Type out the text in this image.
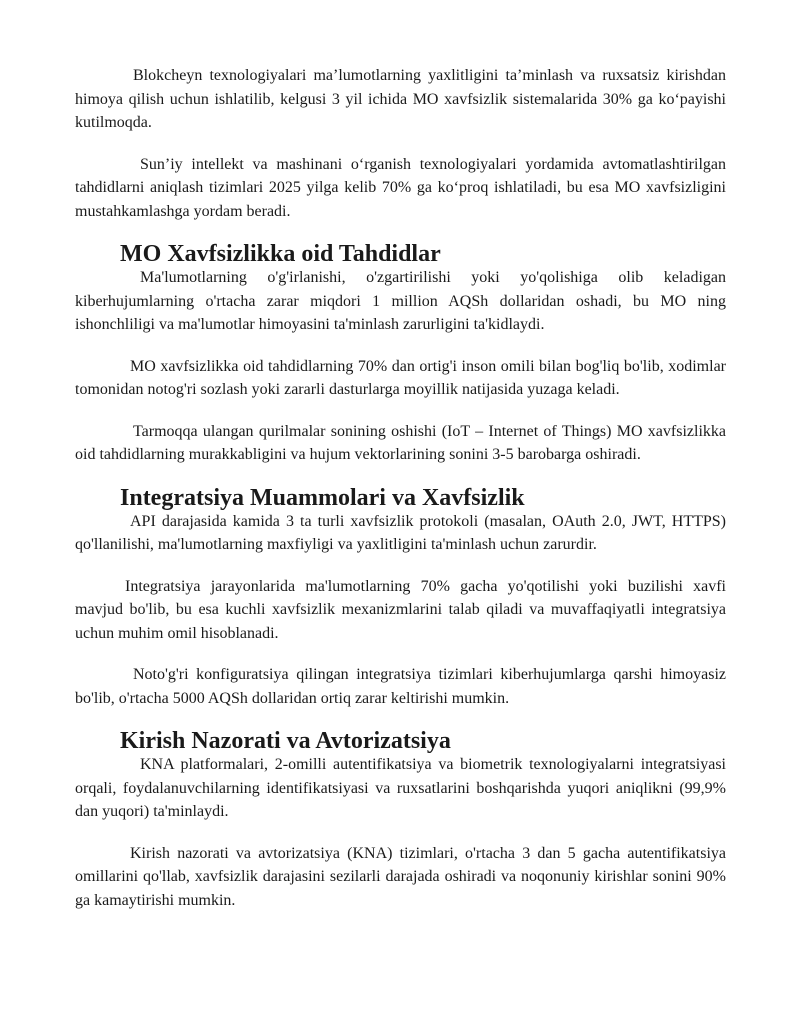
Blokcheyn texnologiyalari ma’lumotlarning yaxlitligini ta’minlash va ruxsatsiz kirishdan himoya qilish uchun ishlatilib, kelgusi 3 yil ichida MO xavfsizlik sistemalarida 30% ga ko‘payishi kutilmoqda.

Sun’iy intellekt va mashinani o‘rganish texnologiyalari yordamida avtomatlashtirilgan tahdidlarni aniqlash tizimlari 2025 yilga kelib 70% ga ko‘proq ishlatiladi, bu esa MO xavfsizligini mustahkamlashga yordam beradi.

MO Xavfsizlikka oid Tahdidlar

Ma'lumotlarning o'g'irlanishi, o'zgartirilishi yoki yo'qolishiga olib keladigan kiberhujumlarning o'rtacha zarar miqdori 1 million AQSh dollaridan oshadi, bu MO ning ishonchliligi va ma'lumotlar himoyasini ta'minlash zarurligini ta'kidlaydi.

MO xavfsizlikka oid tahdidlarning 70% dan ortig'i inson omili bilan bog'liq bo'lib, xodimlar tomonidan notog'ri sozlash yoki zararli dasturlarga moyillik natijasida yuzaga keladi.

Tarmoqqa ulangan qurilmalar sonining oshishi (IoT – Internet of Things) MO xavfsizlikka oid tahdidlarning murakkabligini va hujum vektorlarining sonini 3-5 barobarga oshiradi.

Integratsiya Muammolari va Xavfsizlik

API darajasida kamida 3 ta turli xavfsizlik protokoli (masalan, OAuth 2.0, JWT, HTTPS) qo'llanilishi, ma'lumotlarning maxfiyligi va yaxlitligini ta'minlash uchun zarurdir.

Integratsiya jarayonlarida ma'lumotlarning 70% gacha yo'qotilishi yoki buzilishi xavfi mavjud bo'lib, bu esa kuchli xavfsizlik mexanizmlarini talab qiladi va muvaffaqiyatli integratsiya uchun muhim omil hisoblanadi.

Noto'g'ri konfiguratsiya qilingan integratsiya tizimlari kiberhujumlarga qarshi himoyasiz bo'lib, o'rtacha 5000 AQSh dollaridan ortiq zarar keltirishi mumkin.

Kirish Nazorati va Avtorizatsiya

KNA platformalari, 2-omilli autentifikatsiya va biometrik texnologiyalarni integratsiyasi orqali, foydalanuvchilarning identifikatsiyasi va ruxsatlarini boshqarishda yuqori aniqlikni (99,9% dan yuqori) ta'minlaydi.

Kirish nazorati va avtorizatsiya (KNA) tizimlari, o'rtacha 3 dan 5 gacha autentifikatsiya omillarini qo'llab, xavfsizlik darajasini sezilarli darajada oshiradi va noqonuniy kirishlar sonini 90% ga kamaytirishi mumkin.
